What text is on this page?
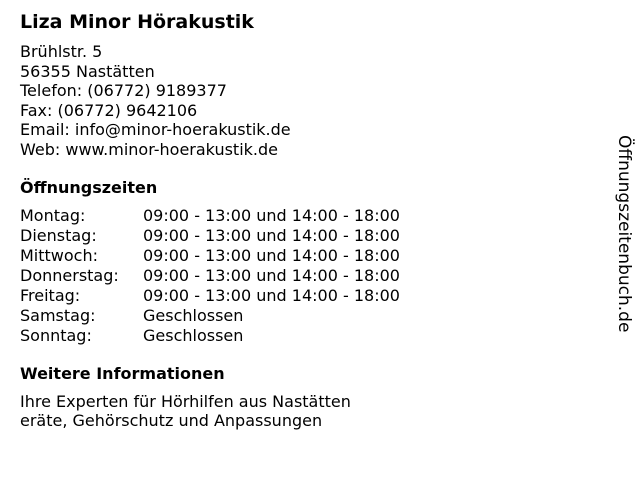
Liza Minor Hörakustik
Brühlstr. 5
56355 Nastätten
Telefon: (06772) 9189377
Fax: (06772) 9642106
Email: info@minor-hoerakustik.de
Web: www.minor-hoerakustik.de
Öffnungszeiten
Montag:	09:00 - 13:00 und 14:00 - 18:00
Dienstag:	09:00 - 13:00 und 14:00 - 18:00
Mittwoch:	09:00 - 13:00 und 14:00 - 18:00
Donnerstag:	09:00 - 13:00 und 14:00 - 18:00
Freitag:	09:00 - 13:00 und 14:00 - 18:00
Samstag:	Geschlossen
Sonntag:	Geschlossen
Weitere Informationen
Ihre Experten für Hörhilfen aus Nastätten
eräte, Gehörschutz und Anpassungen
Öffnungszeitenbuch.de
